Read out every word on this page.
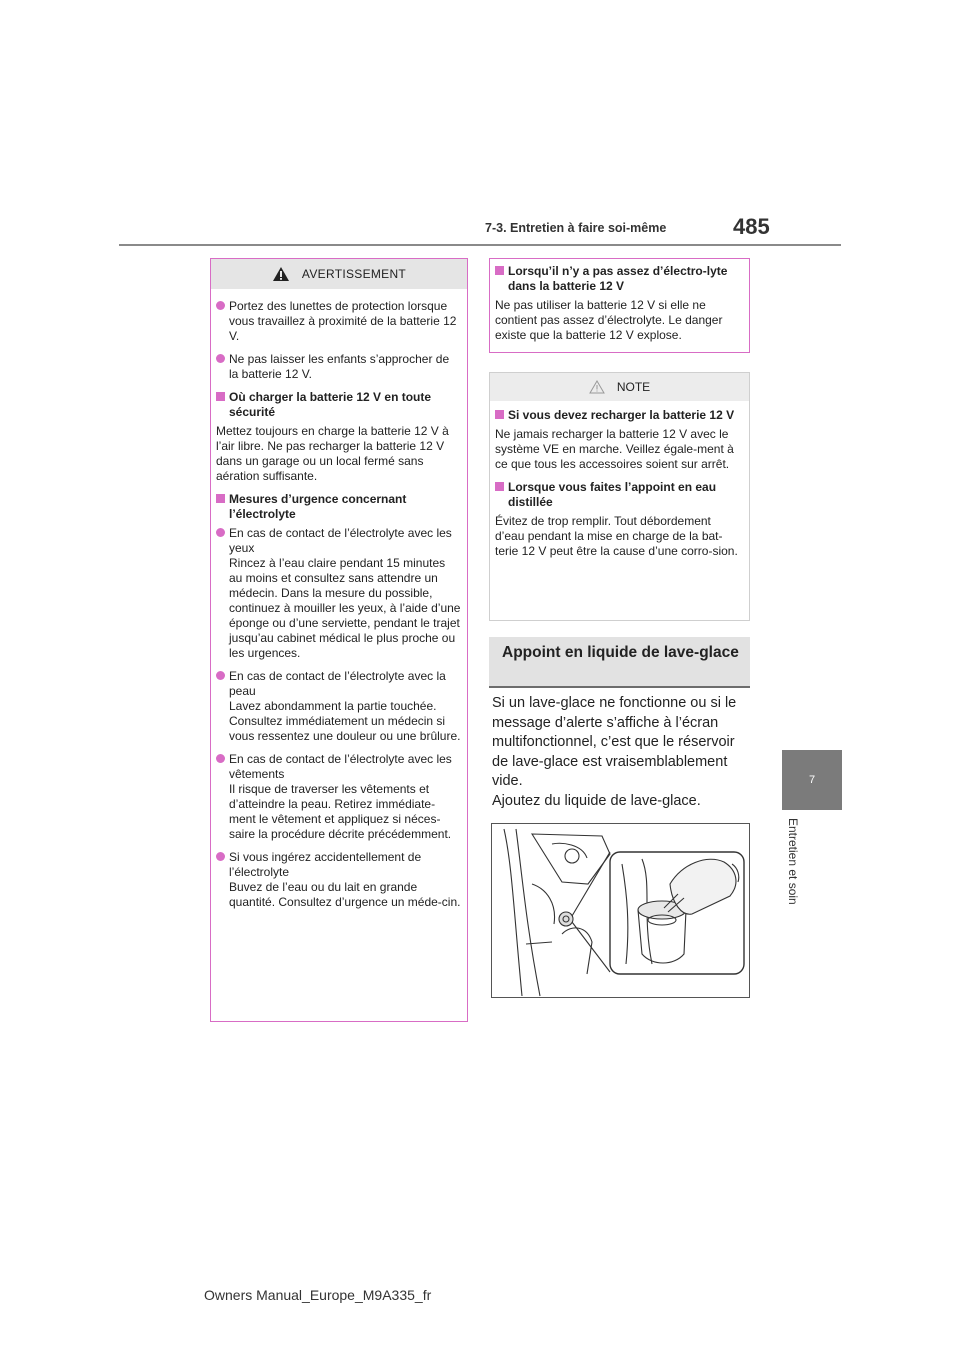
7-3. Entretien à faire soi-même	485
7
Entretien et soin
AVERTISSEMENT
Portez des lunettes de protection lorsque vous travaillez à proximité de la batterie 12 V.
Ne pas laisser les enfants s’approcher de la batterie 12 V.
Où charger la batterie 12 V en toute sécurité
Mettez toujours en charge la batterie 12 V à l’air libre. Ne pas recharger la batterie 12 V dans un garage ou un local fermé sans aération suffisante.
Mesures d’urgence concernant l’électrolyte
En cas de contact de l’électrolyte avec les yeux
Rincez à l’eau claire pendant 15 minutes au moins et consultez sans attendre un médecin. Dans la mesure du possible, continuez à mouiller les yeux, à l’aide d’une éponge ou d’une serviette, pendant le trajet jusqu’au cabinet médical le plus proche ou les urgences.
En cas de contact de l’électrolyte avec la peau
Lavez abondamment la partie touchée. Consultez immédiatement un médecin si vous ressentez une douleur ou une brûlure.
En cas de contact de l’électrolyte avec les vêtements
Il risque de traverser les vêtements et d’atteindre la peau. Retirez immédiate-ment le vêtement et appliquez si néces-saire la procédure décrite précédemment.
Si vous ingérez accidentellement de l’électrolyte
Buvez de l’eau ou du lait en grande quantité. Consultez d’urgence un méde-cin.
Lorsqu’il n’y a pas assez d’électro-lyte dans la batterie 12 V
Ne pas utiliser la batterie 12 V si elle ne contient pas assez d’électrolyte. Le danger existe que la batterie 12 V explose.
NOTE
Si vous devez recharger la batterie 12 V
Ne jamais recharger la batterie 12 V avec le système VE en marche. Veillez égale-ment à ce que tous les accessoires soient sur arrêt.
Lorsque vous faites l’appoint en eau distillée
Évitez de trop remplir. Tout débordement d’eau pendant la mise en charge de la bat-terie 12 V peut être la cause d’une corro-sion.
Appoint en liquide de lave-glace
Si un lave-glace ne fonctionne ou si le message d’alerte s’affiche à l’écran multifonctionnel, c’est que le réservoir de lave-glace est vraisemblablement vide.
Ajoutez du liquide de lave-glace.
Owners Manual_Europe_M9A335_fr
